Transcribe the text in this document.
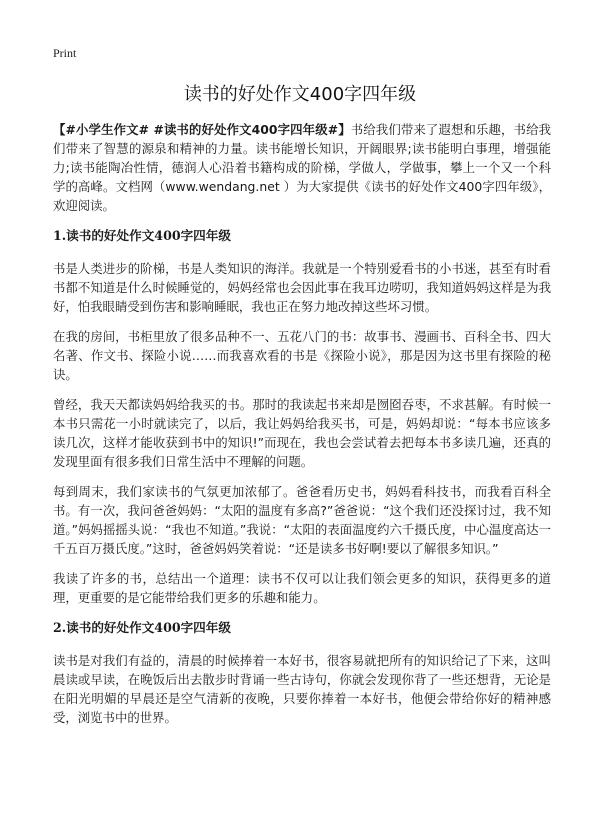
Print
读书的好处作文400字四年级

【#小学生作文# #读书的好处作文400字四年级#】书给我们带来了遐想和乐趣，书给我们带来了智慧的源泉和精神的力量。读书能增长知识，开阔眼界;读书能明白事理，增强能力;读书能陶冶性情，德润人心沿着书籍构成的阶梯，学做人，学做事，攀上一个又一个科学的高峰。文档网（www.wendang.net ）为大家提供《读书的好处作文400字四年级》，欢迎阅读。

1.读书的好处作文400字四年级

书是人类进步的阶梯，书是人类知识的海洋。我就是一个特别爱看书的小书迷，甚至有时看书都不知道是什么时候睡觉的，妈妈经常也会因此事在我耳边唠叨，我知道妈妈这样是为我好，怕我眼睛受到伤害和影响睡眠，我也正在努力地改掉这些坏习惯。

在我的房间，书柜里放了很多品种不一、五花八门的书：故事书、漫画书、百科全书、四大名著、作文书、探险小说……而我喜欢看的书是《探险小说》，那是因为这书里有探险的秘诀。

曾经，我天天都读妈妈给我买的书。那时的我读起书来却是囫囵吞枣，不求甚解。有时候一本书只需花一小时就读完了，以后，我让妈妈给我买书，可是，妈妈却说：“每本书应该多读几次，这样才能收获到书中的知识!”而现在，我也会尝试着去把每本书多读几遍，还真的发现里面有很多我们日常生活中不理解的问题。

每到周末，我们家读书的气氛更加浓郁了。爸爸看历史书，妈妈看科技书，而我看百科全书。有一次，我问爸爸妈妈：“太阳的温度有多高?”爸爸说：“这个我们还没探讨过，我不知道。”妈妈摇摇头说：“我也不知道。”我说：“太阳的表面温度约六千摄氏度，中心温度高达一千五百万摄氏度。”这时，爸爸妈妈笑着说：“还是读多书好啊!要以了解很多知识。”

我读了许多的书，总结出一个道理：读书不仅可以让我们领会更多的知识，获得更多的道理，更重要的是它能带给我们更多的乐趣和能力。

2.读书的好处作文400字四年级

读书是对我们有益的，清晨的时候捧着一本好书，很容易就把所有的知识给记了下来，这叫晨读或早读，在晚饭后出去散步时背诵一些古诗句，你就会发现你背了一些还想背，无论是在阳光明媚的早晨还是空气清新的夜晚，只要你捧着一本好书，他便会带给你好的精神感受，浏览书中的世界。
